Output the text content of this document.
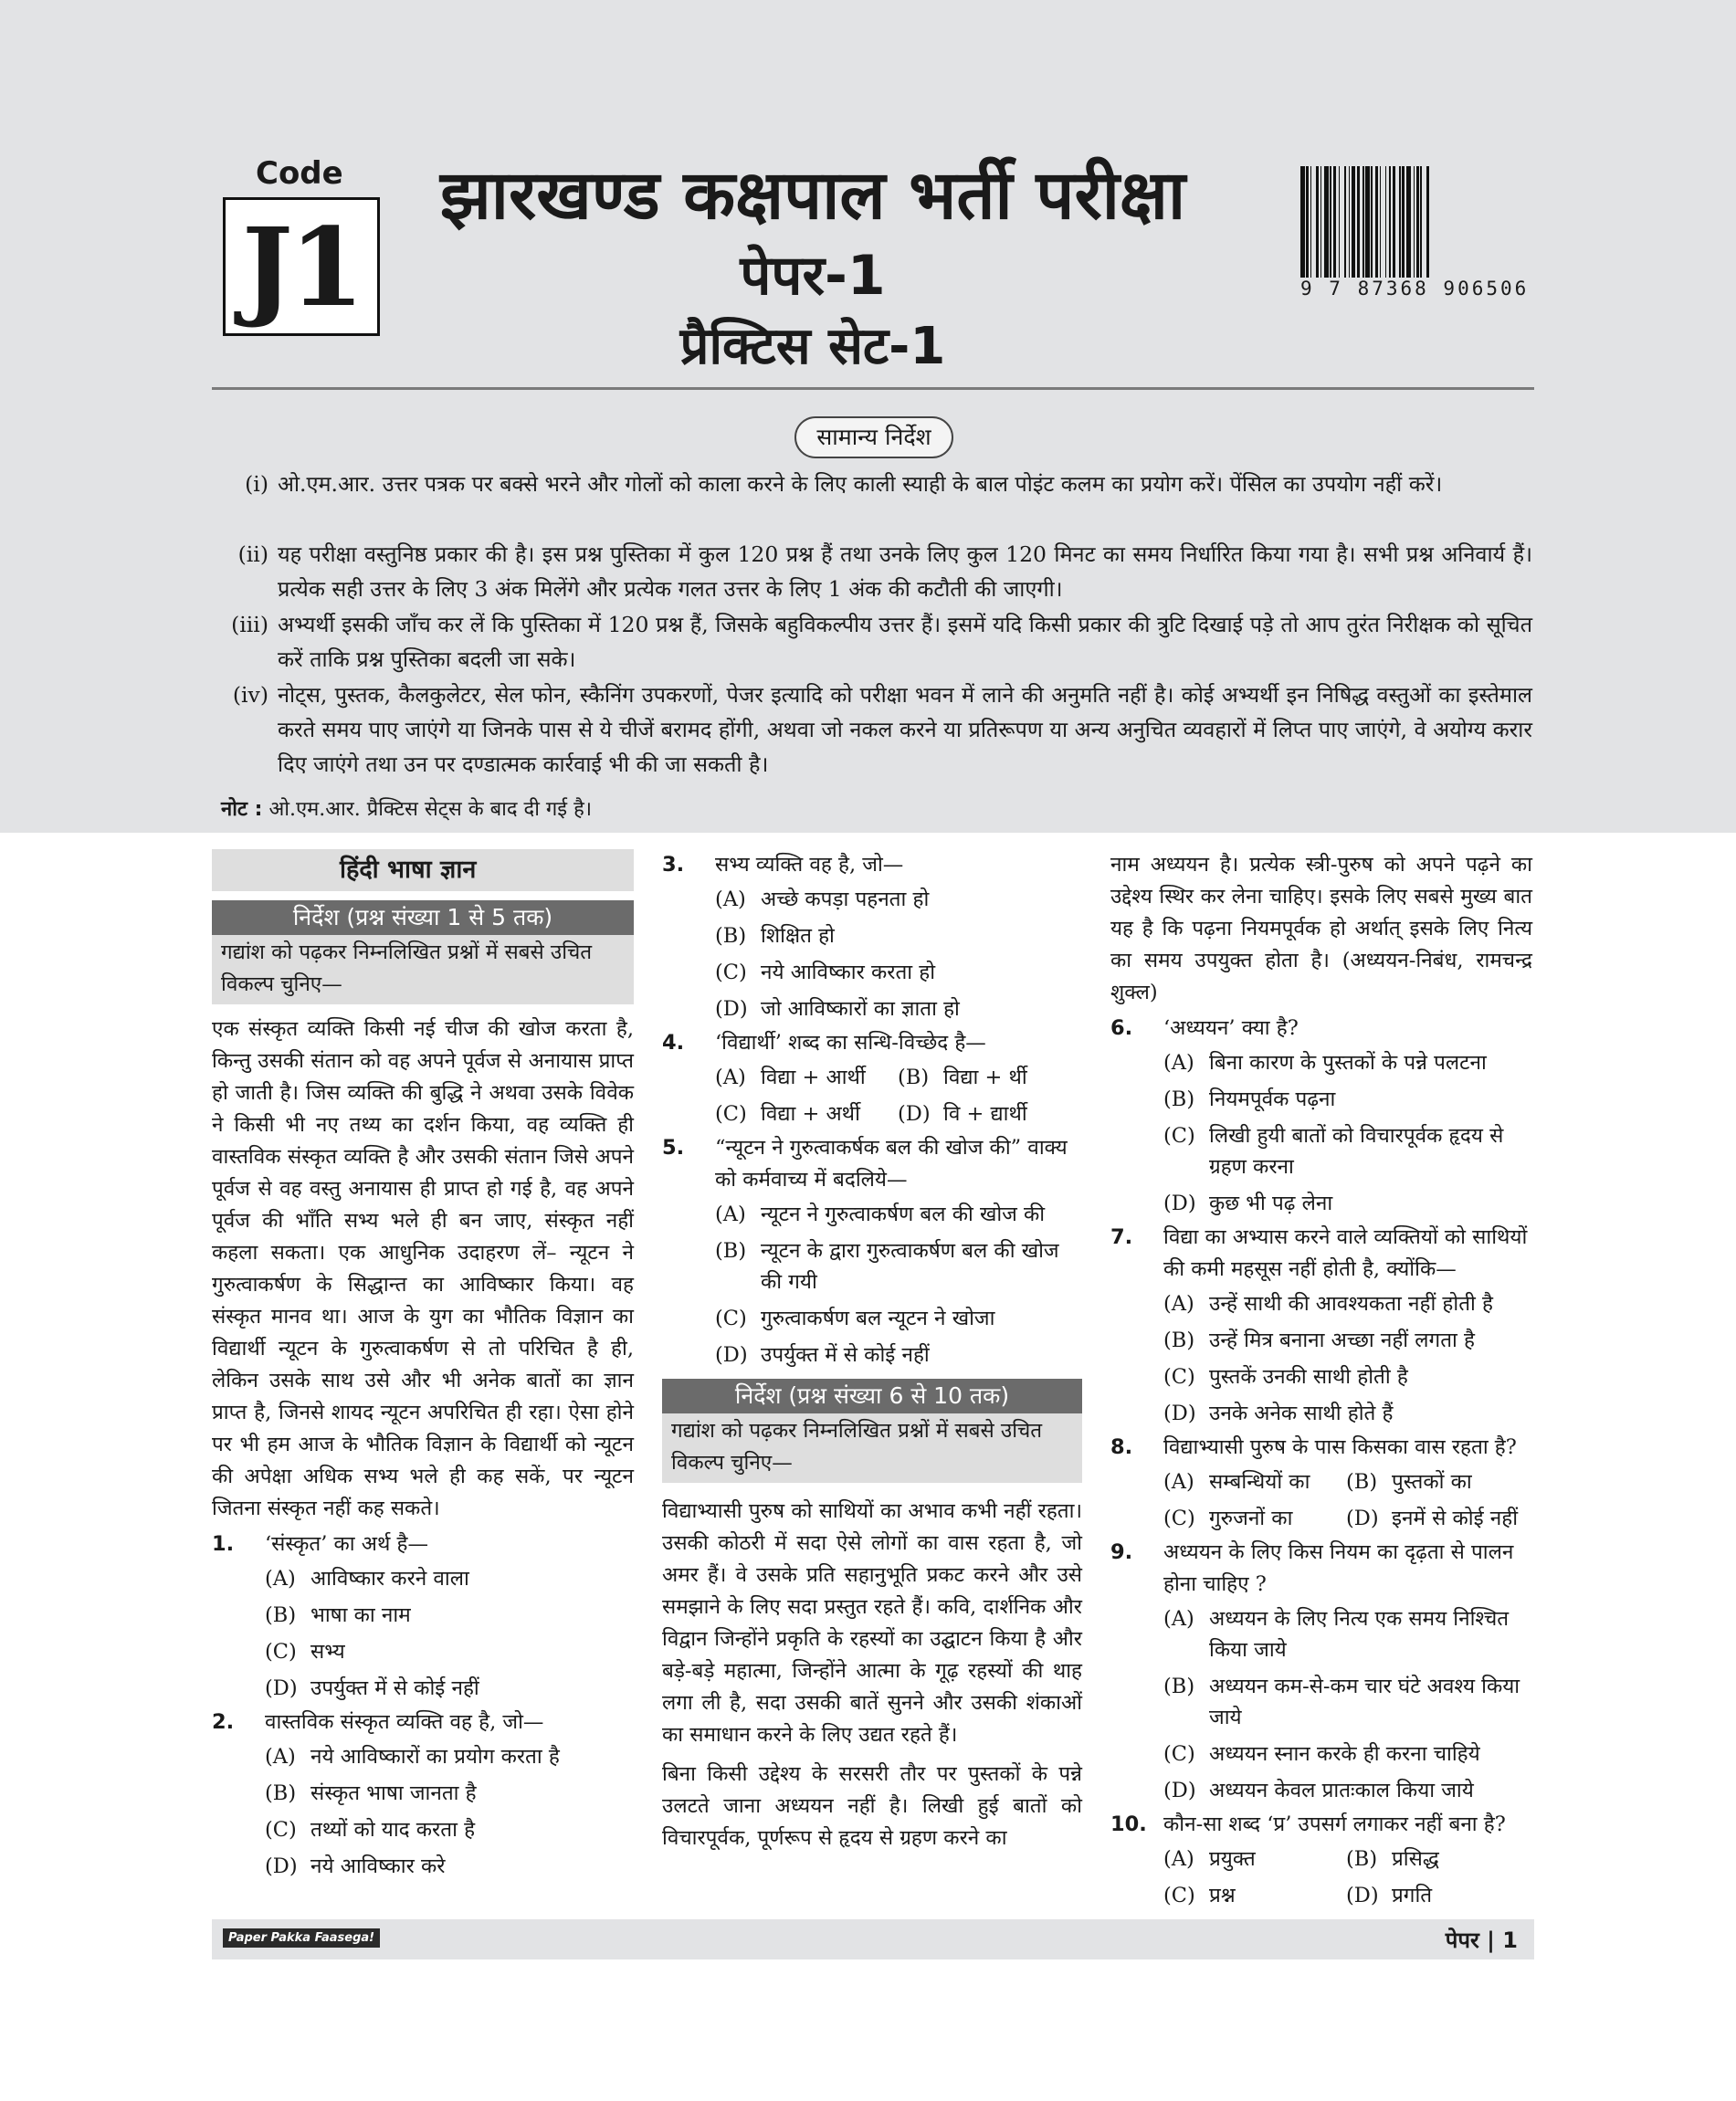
Code
J1
झारखण्ड कक्षपाल भर्ती परीक्षा
पेपर-1
प्रैक्टिस सेट-1
9 7 87368 906506
सामान्य निर्देश
(i) ओ.एम.आर. उत्तर पत्रक पर बक्से भरने और गोलों को काला करने के लिए काली स्याही के बाल पोइंट कलम का प्रयोग करें। पेंसिल का उपयोग नहीं करें।
(ii) यह परीक्षा वस्तुनिष्ठ प्रकार की है। इस प्रश्न पुस्तिका में कुल 120 प्रश्न हैं तथा उनके लिए कुल 120 मिनट का समय निर्धारित किया गया है। सभी प्रश्न अनिवार्य हैं। प्रत्येक सही उत्तर के लिए 3 अंक मिलेंगे और प्रत्येक गलत उत्तर के लिए 1 अंक की कटौती की जाएगी।
(iii) अभ्यर्थी इसकी जाँच कर लें कि पुस्तिका में 120 प्रश्न हैं, जिसके बहुविकल्पीय उत्तर हैं। इसमें यदि किसी प्रकार की त्रुटि दिखाई पड़े तो आप तुरंत निरीक्षक को सूचित करें ताकि प्रश्न पुस्तिका बदली जा सके।
(iv) नोट्स, पुस्तक, कैलकुलेटर, सेल फोन, स्कैनिंग उपकरणों, पेजर इत्यादि को परीक्षा भवन में लाने की अनुमति नहीं है। कोई अभ्यर्थी इन निषिद्ध वस्तुओं का इस्तेमाल करते समय पाए जाएंगे या जिनके पास से ये चीजें बरामद होंगी, अथवा जो नकल करने या प्रतिरूपण या अन्य अनुचित व्यवहारों में लिप्त पाए जाएंगे, वे अयोग्य करार दिए जाएंगे तथा उन पर दण्डात्मक कार्रवाई भी की जा सकती है।
नोट : ओ.एम.आर. प्रैक्टिस सेट्स के बाद दी गई है।
हिंदी भाषा ज्ञान
निर्देश (प्रश्न संख्या 1 से 5 तक)
गद्यांश को पढ़कर निम्नलिखित प्रश्नों में सबसे उचित विकल्प चुनिए—
एक संस्कृत व्यक्ति किसी नई चीज की खोज करता है, किन्तु उसकी संतान को वह अपने पूर्वज से अनायास प्राप्त हो जाती है। जिस व्यक्ति की बुद्धि ने अथवा उसके विवेक ने किसी भी नए तथ्य का दर्शन किया, वह व्यक्ति ही वास्तविक संस्कृत व्यक्ति है और उसकी संतान जिसे अपने पूर्वज से वह वस्तु अनायास ही प्राप्त हो गई है, वह अपने पूर्वज की भाँति सभ्य भले ही बन जाए, संस्कृत नहीं कहला सकता। एक आधुनिक उदाहरण लें– न्यूटन ने गुरुत्वाकर्षण के सिद्धान्त का आविष्कार किया। वह संस्कृत मानव था। आज के युग का भौतिक विज्ञान का विद्यार्थी न्यूटन के गुरुत्वाकर्षण से तो परिचित है ही, लेकिन उसके साथ उसे और भी अनेक बातों का ज्ञान प्राप्त है, जिनसे शायद न्यूटन अपरिचित ही रहा। ऐसा होने पर भी हम आज के भौतिक विज्ञान के विद्यार्थी को न्यूटन की अपेक्षा अधिक सभ्य भले ही कह सकें, पर न्यूटन जितना संस्कृत नहीं कह सकते।
1. ‘संस्कृत’ का अर्थ है—
(A) आविष्कार करने वाला
(B) भाषा का नाम
(C) सभ्य
(D) उपर्युक्त में से कोई नहीं
2. वास्तविक संस्कृत व्यक्ति वह है, जो—
(A) नये आविष्कारों का प्रयोग करता है
(B) संस्कृत भाषा जानता है
(C) तथ्यों को याद करता है
(D) नये आविष्कार करे
3. सभ्य व्यक्ति वह है, जो—
(A) अच्छे कपड़ा पहनता हो
(B) शिक्षित हो
(C) नये आविष्कार करता हो
(D) जो आविष्कारों का ज्ञाता हो
4. ‘विद्यार्थी’ शब्द का सन्धि-विच्छेद है—
(A) विद्या + आर्थी (B) विद्या + र्थी
(C) विद्या + अर्थी (D) वि + द्यार्थी
5. “न्यूटन ने गुरुत्वाकर्षक बल की खोज की” वाक्य को कर्मवाच्य में बदलिये—
(A) न्यूटन ने गुरुत्वाकर्षण बल की खोज की
(B) न्यूटन के द्वारा गुरुत्वाकर्षण बल की खोज की गयी
(C) गुरुत्वाकर्षण बल न्यूटन ने खोजा
(D) उपर्युक्त में से कोई नहीं
निर्देश (प्रश्न संख्या 6 से 10 तक)
गद्यांश को पढ़कर निम्नलिखित प्रश्नों में सबसे उचित विकल्प चुनिए—
विद्याभ्यासी पुरुष को साथियों का अभाव कभी नहीं रहता। उसकी कोठरी में सदा ऐसे लोगों का वास रहता है, जो अमर हैं। वे उसके प्रति सहानुभूति प्रकट करने और उसे समझाने के लिए सदा प्रस्तुत रहते हैं। कवि, दार्शनिक और विद्वान जिन्होंने प्रकृति के रहस्यों का उद्घाटन किया है और बड़े-बड़े महात्मा, जिन्होंने आत्मा के गूढ़ रहस्यों की थाह लगा ली है, सदा उसकी बातें सुनने और उसकी शंकाओं का समाधान करने के लिए उद्यत रहते हैं।
बिना किसी उद्देश्य के सरसरी तौर पर पुस्तकों के पन्ने उलटते जाना अध्ययन नहीं है। लिखी हुई बातों को विचारपूर्वक, पूर्णरूप से हृदय से ग्रहण करने का
नाम अध्ययन है। प्रत्येक स्त्री-पुरुष को अपने पढ़ने का उद्देश्य स्थिर कर लेना चाहिए। इसके लिए सबसे मुख्य बात यह है कि पढ़ना नियमपूर्वक हो अर्थात् इसके लिए नित्य का समय उपयुक्त होता है। (अध्ययन-निबंध, रामचन्द्र शुक्ल)
6. ‘अध्ययन’ क्या है?
(A) बिना कारण के पुस्तकों के पन्ने पलटना
(B) नियमपूर्वक पढ़ना
(C) लिखी हुयी बातों को विचारपूर्वक हृदय से ग्रहण करना
(D) कुछ भी पढ़ लेना
7. विद्या का अभ्यास करने वाले व्यक्तियों को साथियों की कमी महसूस नहीं होती है, क्योंकि—
(A) उन्हें साथी की आवश्यकता नहीं होती है
(B) उन्हें मित्र बनाना अच्छा नहीं लगता है
(C) पुस्तकें उनकी साथी होती है
(D) उनके अनेक साथी होते हैं
8. विद्याभ्यासी पुरुष के पास किसका वास रहता है?
(A) सम्बन्धियों का (B) पुस्तकों का
(C) गुरुजनों का	(D) इनमें से कोई नहीं
9. अध्ययन के लिए किस नियम का दृढ़ता से पालन होना चाहिए ?
(A) अध्ययन के लिए नित्य एक समय निश्चित किया जाये
(B) अध्ययन कम-से-कम चार घंटे अवश्य किया जाये
(C) अध्ययन स्नान करके ही करना चाहिये
(D) अध्ययन केवल प्रातःकाल किया जाये
10. कौन-सा शब्द ‘प्र’ उपसर्ग लगाकर नहीं बना है?
(A) प्रयुक्त	(B) प्रसिद्ध
(C) प्रश्न	(D) प्रगति
Paper Pakka Faasega!	पेपर | 1
